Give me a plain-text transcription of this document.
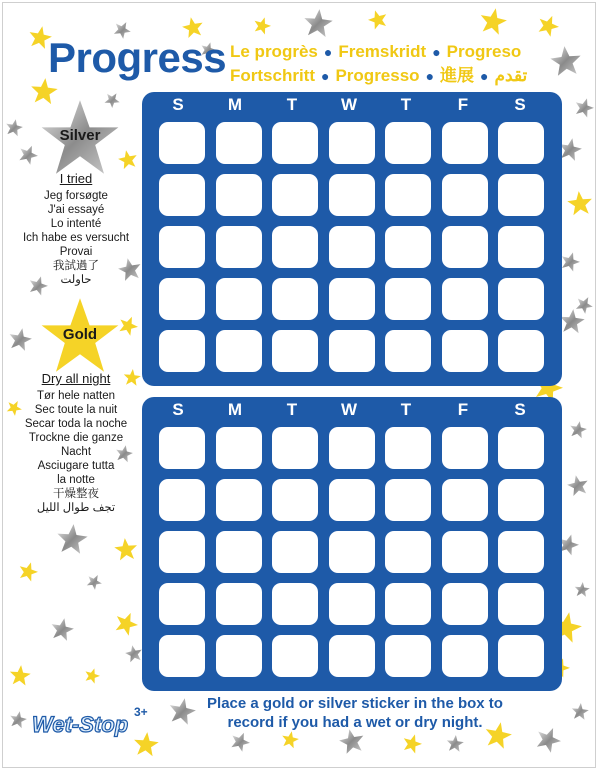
Progress Le progrès ● Fremskridt ● Progreso
Fortschritt ● Progresso ● 進展 ● تقدم
Silver
I tried
Jeg forsøgte
J'ai essayé
Lo intenté
Ich habe es versucht
Provai
我試過了
حاولت
Gold
Dry all night
Tør hele natten
Sec toute la nuit
Secar toda la noche
Trockne die ganze
Nacht
Asciugare tutta
la notte
干燥整夜
تجف طوال الليل
S	M	T	W	T	F	S
S	M	T	W	T	F	S
Place a gold or silver sticker in the box to
record if you had a wet or dry night.
Wet-Stop 3+
